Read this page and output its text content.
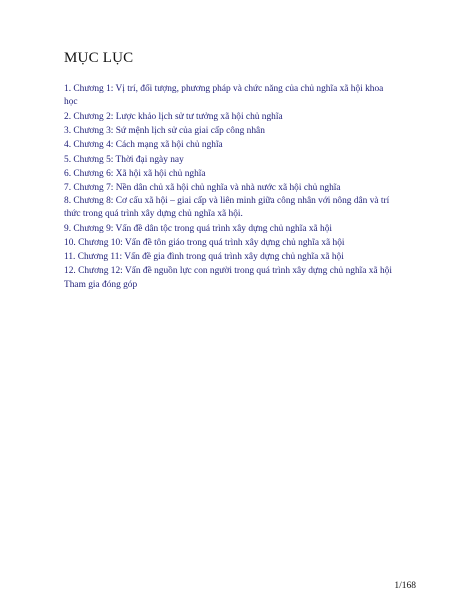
MỤC LỤC
1. Chương 1: Vị trí, đối tượng, phương pháp và chức năng của chủ nghĩa xã hội khoa
học
2. Chương 2: Lược khảo lịch sử tư tưởng xã hội chủ nghĩa
3. Chương 3: Sứ mệnh lịch sử của giai cấp công nhân
4. Chương 4: Cách mạng xã hội chủ nghĩa
5. Chương 5: Thời đại ngày nay
6. Chương 6: Xã hội xã hội chủ nghĩa
7. Chương 7: Nền dân chủ xã hội chủ nghĩa và nhà nước xã hội chủ nghĩa
8. Chương 8: Cơ cấu xã hội – giai cấp và liên minh giữa công nhân với nông dân và trí
thức trong quá trình xây dựng chủ nghĩa xã hội.
9. Chương 9: Vấn đề dân tộc trong quá trình xây dựng chủ nghĩa xã hội
10. Chương 10: Vấn đề tôn giáo trong quá trình xây dựng chủ nghĩa xã hội
11. Chương 11: Vấn đề gia đình trong quá trình xây dựng chủ nghĩa xã hội
12. Chương 12: Vấn đề nguồn lực con người trong quá trình xây dựng chủ nghĩa xã hội
Tham gia đóng góp
1/168
